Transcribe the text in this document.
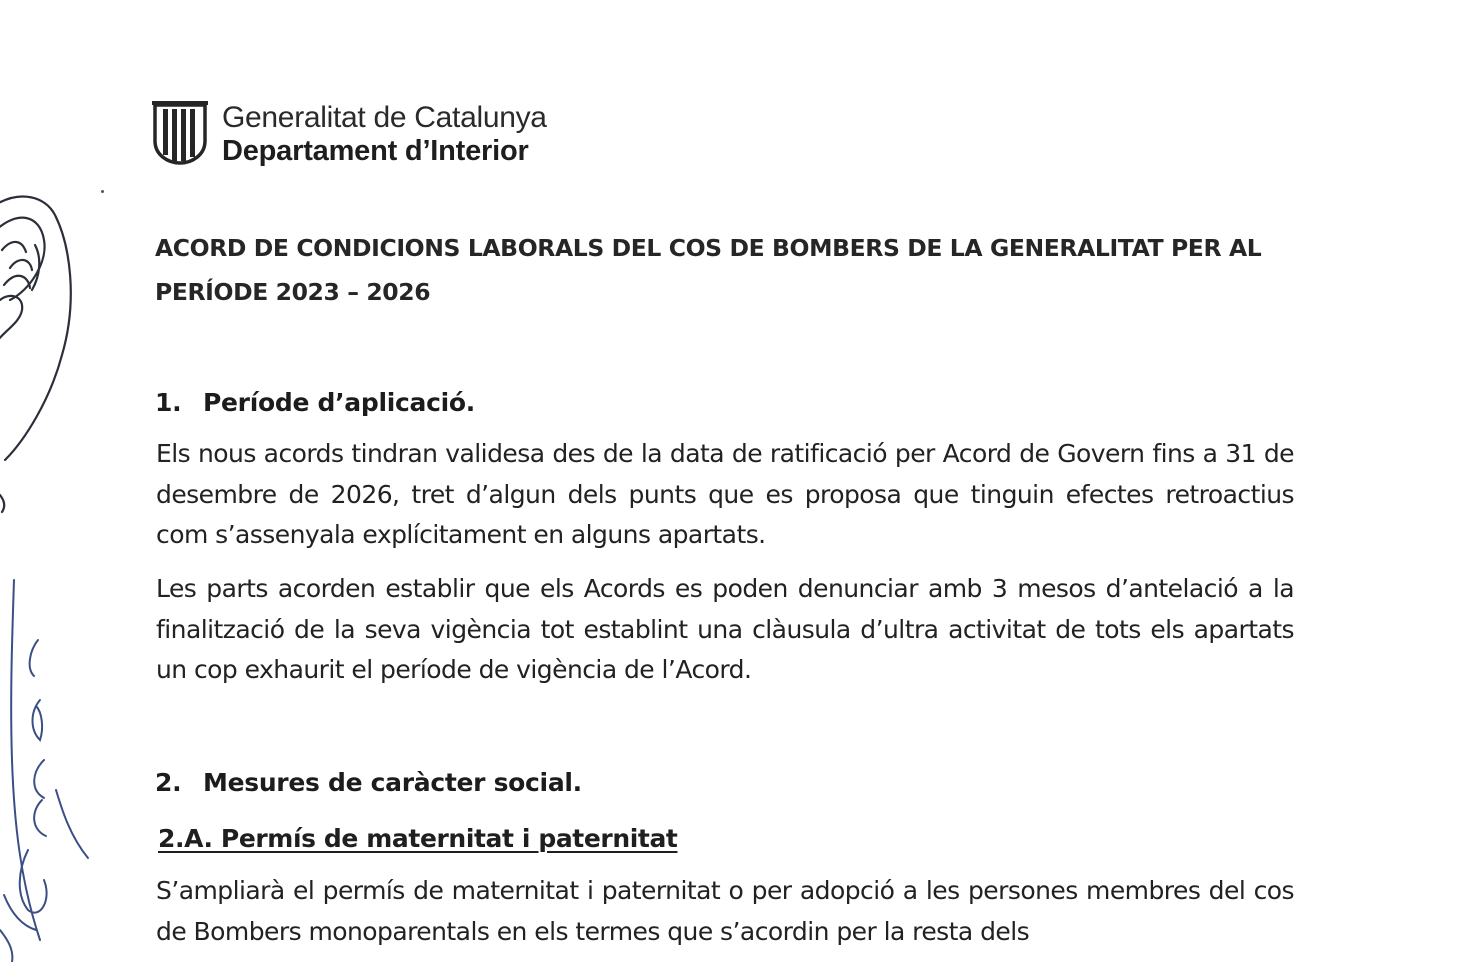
Generalitat de Catalunya
Departament d’Interior
ACORD DE CONDICIONS LABORALS DEL COS DE BOMBERS DE LA GENERALITAT PER AL PERÍODE 2023 – 2026
1. Període d’aplicació.

Els nous acords tindran validesa des de la data de ratificació per Acord de Govern fins a 31 de desembre de 2026, tret d’algun dels punts que es proposa que tinguin efectes retroactius com s’assenyala explícitament en alguns apartats.

Les parts acorden establir que els Acords es poden denunciar amb 3 mesos d’antelació a la finalització de la seva vigència tot establint una clàusula d’ultra activitat de tots els apartats un cop exhaurit el període de vigència de l’Acord.

2. Mesures de caràcter social.
2.A. Permís de maternitat i paternitat

S’ampliarà el permís de maternitat i paternitat o per adopció a les persones membres del cos de Bombers monoparentals en els termes que s’acordin per la resta dels
